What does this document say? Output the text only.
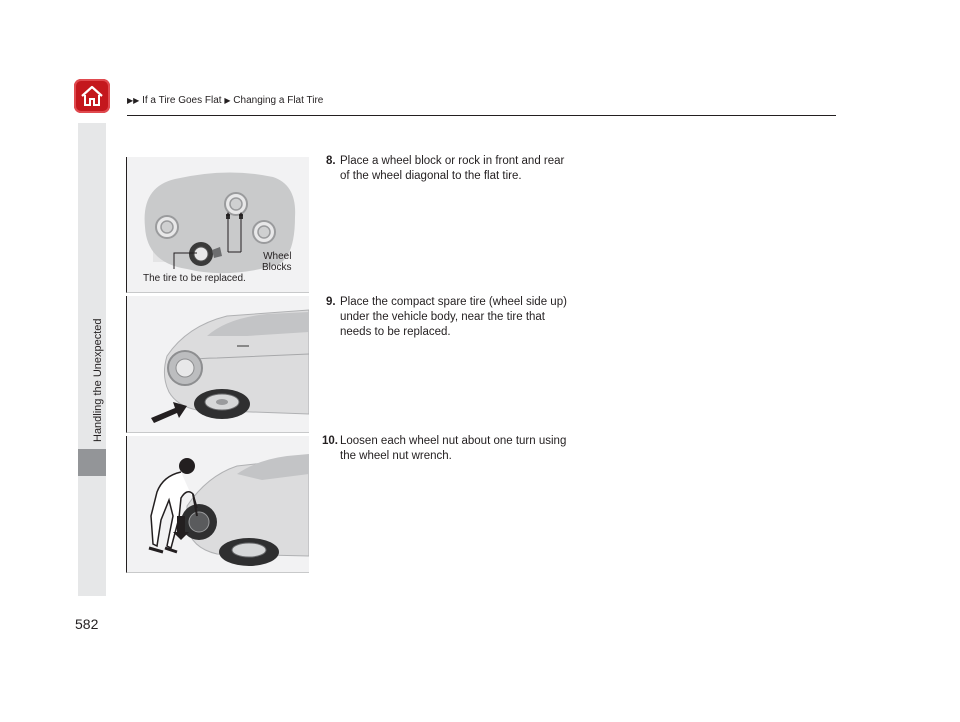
▶▶ If a Tire Goes Flat ▶ Changing a Flat Tire
Handling the Unexpected
582
Wheel
Blocks
The tire to be replaced.
8. Place a wheel block or rock in front and rear of the wheel diagonal to the flat tire.
9. Place the compact spare tire (wheel side up) under the vehicle body, near the tire that needs to be replaced.
10. Loosen each wheel nut about one turn using the wheel nut wrench.
